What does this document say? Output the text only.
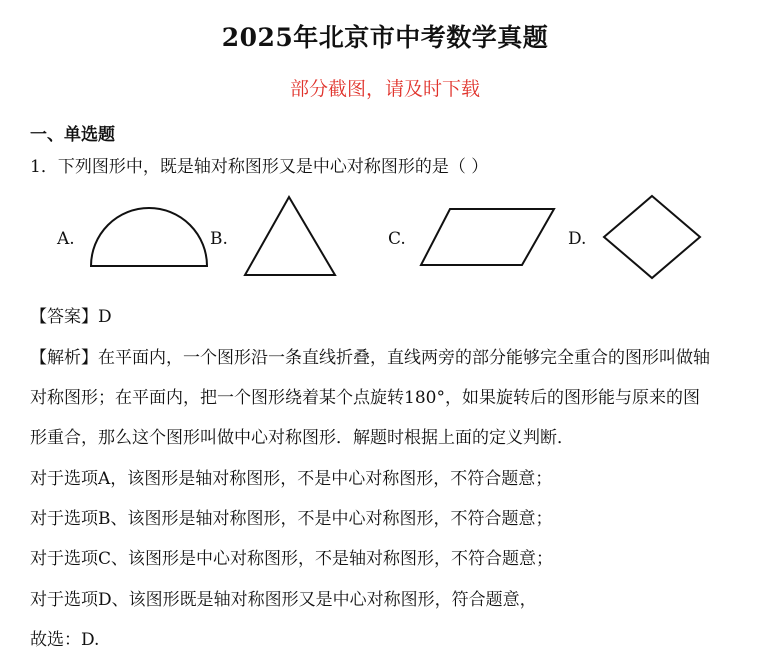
2025年北京市中考数学真题
部分截图，请及时下载
一、单选题
1．下列图形中，既是轴对称图形又是中心对称图形的是（ ）
A.	B.	C.	D.
【答案】D
【解析】在平面内，一个图形沿一条直线折叠，直线两旁的部分能够完全重合的图形叫做轴
对称图形；在平面内，把一个图形绕着某个点旋转180°，如果旋转后的图形能与原来的图
形重合，那么这个图形叫做中心对称图形．解题时根据上面的定义判断．
对于选项A，该图形是轴对称图形，不是中心对称图形，不符合题意；
对于选项B、该图形是轴对称图形，不是中心对称图形，不符合题意；
对于选项C、该图形是中心对称图形，不是轴对称图形，不符合题意；
对于选项D、该图形既是轴对称图形又是中心对称图形，符合题意，
故选：D.
